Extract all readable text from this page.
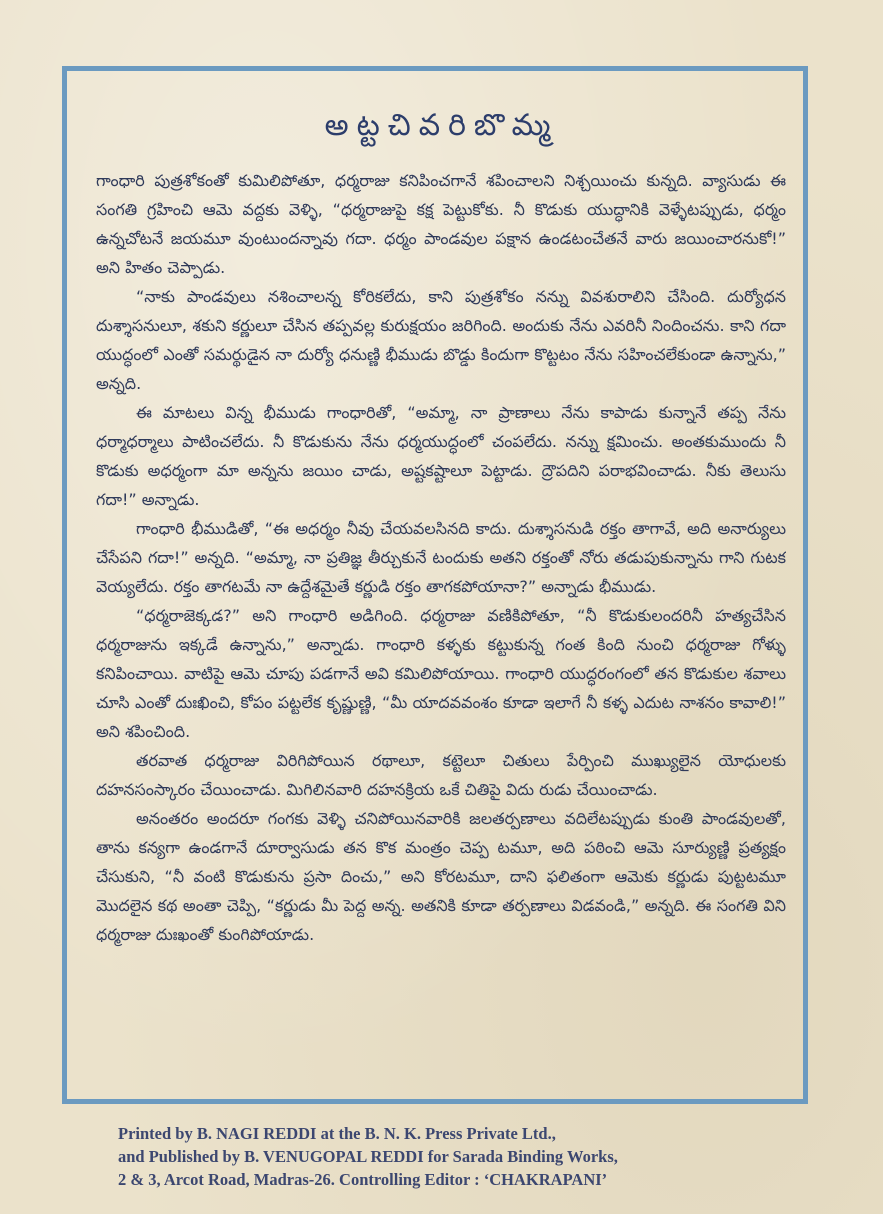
అట్టచివరిబొమ్మ

గాంధారి పుత్రశోకంతో కుమిలిపోతూ, ధర్మరాజు కనిపించగానే శపించాలని నిశ్చయించు కున్నది. వ్యాసుడు ఈ సంగతి గ్రహించి ఆమె వద్దకు వెళ్ళి, “ధర్మరాజుపై కక్ష పెట్టుకోకు. నీ కొడుకు యుద్ధానికి వెళ్ళేటప్పుడు, ధర్మం ఉన్నచోటనే జయమూ వుంటుందన్నావు గదా. ధర్మం పాండవుల పక్షాన ఉండటంచేతనే వారు జయించారనుకో!” అని హితం చెప్పాడు.

“నాకు పాండవులు నశించాలన్న కోరికలేదు, కాని పుత్రశోకం నన్ను వివశురాలిని చేసింది. దుర్యోధన దుశ్శాసనులూ, శకుని కర్ణులూ చేసిన తప్పవల్ల కురుక్షయం జరిగింది. అందుకు నేను ఎవరినీ నిందించను. కాని గదా యుద్ధంలో ఎంతో సమర్థుడైన నా దుర్యో ధనుణ్ణి భీముడు బొడ్డు కిందుగా కొట్టటం నేను సహించలేకుండా ఉన్నాను,” అన్నది.

ఈ మాటలు విన్న భీముడు గాంధారితో, “అమ్మా, నా ప్రాణాలు నేను కాపాడు కున్నానే తప్ప నేను ధర్మాధర్మాలు పాటించలేదు. నీ కొడుకును నేను ధర్మయుద్ధంలో చంపలేదు. నన్ను క్షమించు. అంతకుముందు నీ కొడుకు అధర్మంగా మా అన్నను జయిం చాడు, అష్టకష్టాలూ పెట్టాడు. ద్రౌపదిని పరాభవించాడు. నీకు తెలుసు గదా!” అన్నాడు.

గాంధారి భీముడితో, “ఈ అధర్మం నీవు చేయవలసినది కాదు. దుశ్శాసనుడి రక్తం తాగావే, అది అనార్యులు చేసేపని గదా!” అన్నది. “అమ్మా, నా ప్రతిజ్ఞ తీర్చుకునే టందుకు అతని రక్తంతో నోరు తడుపుకున్నాను గాని గుటక వెయ్యలేదు. రక్తం తాగటమే నా ఉద్దేశమైతే కర్ణుడి రక్తం తాగకపోయానా?” అన్నాడు భీముడు.

“ధర్మరాజెక్కడ?” అని గాంధారి అడిగింది. ధర్మరాజు వణికిపోతూ, “నీ కొడుకులందరినీ హత్యచేసిన ధర్మరాజును ఇక్కడే ఉన్నాను,” అన్నాడు. గాంధారి కళ్ళకు కట్టుకున్న గంత కింది నుంచి ధర్మరాజు గోళ్ళు కనిపించాయి. వాటిపై ఆమె చూపు పడగానే అవి కమిలిపోయాయి. గాంధారి యుద్ధరంగంలో తన కొడుకుల శవాలు చూసి ఎంతో దుఃఖించి, కోపం పట్టలేక కృష్ణుణ్ణి, “మీ యాదవవంశం కూడా ఇలాగే నీ కళ్ళ ఎదుట నాశనం కావాలి!” అని శపించింది.

తరవాత ధర్మరాజు విరిగిపోయిన రథాలూ, కట్టెలూ చితులు పేర్పించి ముఖ్యులైన యోధులకు దహనసంస్కారం చేయించాడు. మిగిలినవారి దహనక్రియ ఒకే చితిపై విదు రుడు చేయించాడు.

అనంతరం అందరూ గంగకు వెళ్ళి చనిపోయినవారికి జలతర్పణాలు వదిలేటప్పుడు కుంతి పాండవులతో, తాను కన్యగా ఉండగానే దూర్వాసుడు తన కొక మంత్రం చెప్ప టమూ, అది పఠించి ఆమె సూర్యుణ్ణి ప్రత్యక్షం చేసుకుని, “నీ వంటి కొడుకును ప్రసా దించు,” అని కోరటమూ, దాని ఫలితంగా ఆమెకు కర్ణుడు పుట్టటమూ మొదలైన కథ అంతా చెప్పి, “కర్ణుడు మీ పెద్ద అన్న. అతనికి కూడా తర్పణాలు విడవండి,” అన్నది. ఈ సంగతి విని ధర్మరాజు దుఃఖంతో కుంగిపోయాడు.

Printed by B. NAGI REDDI at the B. N. K. Press Private Ltd.,
and Published by B. VENUGOPAL REDDI for Sarada Binding Works,
2 & 3, Arcot Road, Madras-26. Controlling Editor : ‘CHAKRAPANI’
